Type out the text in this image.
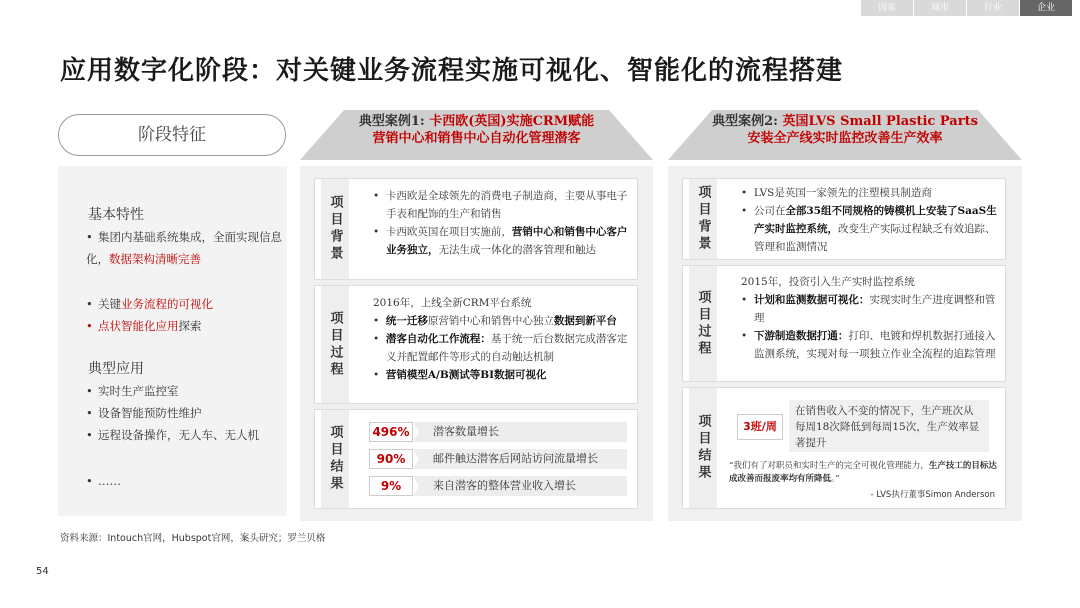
国家	城市	行业	企业
应用数字化阶段：对关键业务流程实施可视化、智能化的流程搭建
阶段特征
基本特性
• 集团内基础系统集成，全面实现信息化，数据架构清晰完善
• 关键业务流程的可视化
• 点状智能化应用探索
典型应用
• 实时生产监控室
• 设备智能预防性维护
• 远程设备操作，无人车、无人机
• ……
典型案例1: 卡西欧(英国)实施CRM赋能
营销中心和销售中心自动化管理潜客
项目背景	•  卡西欧是全球领先的消费电子制造商，主要从事电子手表和配饰的生产和销售
•  卡西欧英国在项目实施前，营销中心和销售中心客户业务独立，无法生成一体化的潜客管理和触达
项目过程
2016年，上线全新CRM平台系统
•  统一迁移原营销中心和销售中心独立数据到新平台
•  潜客自动化工作流程：基于统一后台数据完成潜客定义并配置邮件等形式的自动触达机制
•  营销模型A/B测试等BI数据可视化
项目结果 496%	潜客数量增长
90%	邮件触达潜客后网站访问流量增长
9%	来自潜客的整体营业收入增长
典型案例2: 英国LVS Small Plastic Parts
安装全产线实时监控改善生产效率
项目背景	•  LVS是英国一家领先的注塑模具制造商
•  公司在全部35组不同规格的铸模机上安装了SaaS生产实时监控系统，改变生产实际过程缺乏有效追踪、管理和监测情况
项目过程
2015年，投资引入生产实时监控系统
•  计划和监测数据可视化：实现实时生产进度调整和管理
•  下游制造数据打通：打印、电镀和焊机数据打通接入监测系统，实现对每一项独立作业全流程的追踪管理
项目结果	3班/周
在销售收入不变的情况下，生产班次从每周18次降低到每周15次，生产效率显著提升
“我们有了对职员和实时生产的完全可视化管理能力，生产技工的目标达成改善而报废率均有所降低。”
- LVS执行董事Simon Anderson
资料来源：Intouch官网，Hubspot官网，案头研究；罗兰贝格
54
